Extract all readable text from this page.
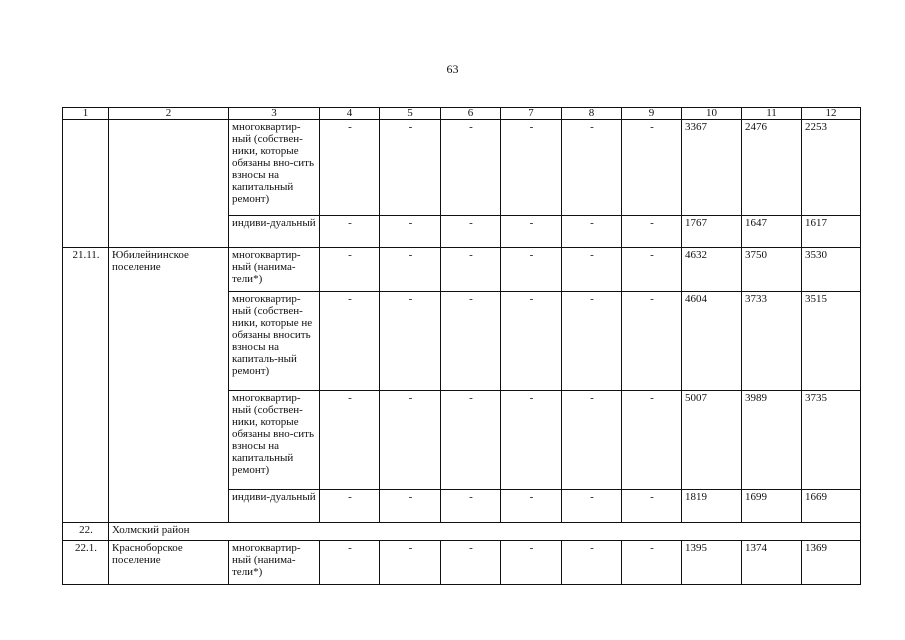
63
1	2	3	4	5	6	7	8	9	10	11	12
		многоквартир-ный (собствен-ники, которые обязаны вно-сить взносы на капитальный ремонт)	-	-	-	-	-	-	3367	2476	2253
		индиви-дуальный	-	-	-	-	-	-	1767	1647	1617
21.11.	Юбилейнинское поселение	многоквартир-ный (нанима-тели*)	-	-	-	-	-	-	4632	3750	3530
		многоквартир-ный (собствен-ники, которые не обязаны вносить взносы на капиталь-ный ремонт)	-	-	-	-	-	-	4604	3733	3515
		многоквартир-ный (собствен-ники, которые обязаны вно-сить взносы на капитальный ремонт)	-	-	-	-	-	-	5007	3989	3735
		индиви-дуальный	-	-	-	-	-	-	1819	1699	1669
22.	Холмский район										
22.1.	Красноборское поселение	многоквартир-ный (нанима-тели*)	-	-	-	-	-	-	1395	1374	1369
